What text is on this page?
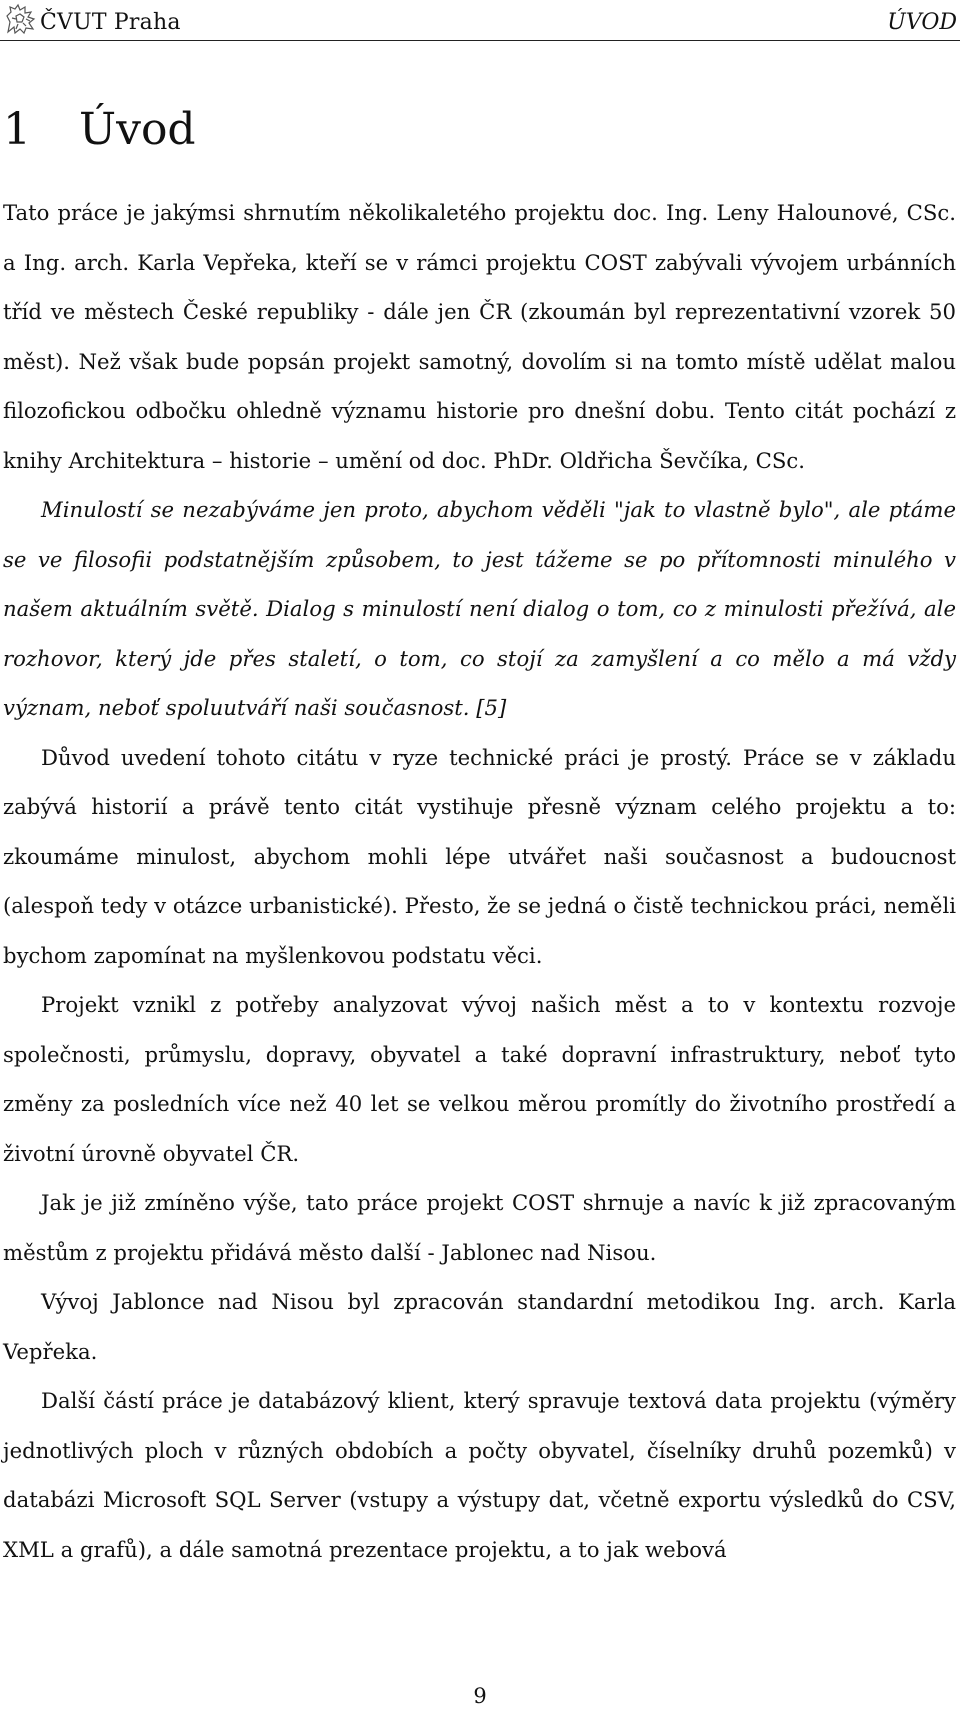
ČVUT Praha	ÚVOD
1 Úvod

Tato práce je jakýmsi shrnutím několikaletého projektu doc. Ing. Leny Halounové, CSc. a Ing. arch. Karla Vepřeka, kteří se v rámci projektu COST zabývali vývojem urbánních tříd ve městech České republiky - dále jen ČR (zkoumán byl reprezentativní vzorek 50 měst). Než však bude popsán projekt samotný, dovolím si na tomto místě udělat malou filozofickou odbočku ohledně významu historie pro dnešní dobu. Tento citát pochází z knihy Architektura – historie – umění od doc. PhDr. Oldřicha Ševčíka, CSc.

Minulostí se nezabýváme jen proto, abychom věděli "jak to vlastně bylo", ale ptáme se ve filosofii podstatnějším způsobem, to jest tážeme se po přítomnosti minulého v našem aktuálním světě. Dialog s minulostí není dialog o tom, co z minulosti přežívá, ale rozhovor, který jde přes staletí, o tom, co stojí za zamyšlení a co mělo a má vždy význam, neboť spoluutváří naši současnost. [5]

Důvod uvedení tohoto citátu v ryze technické práci je prostý. Práce se v základu zabývá historií a právě tento citát vystihuje přesně význam celého projektu a to: zkoumáme minulost, abychom mohli lépe utvářet naši současnost a budoucnost (alespoň tedy v otázce urbanistické). Přesto, že se jedná o čistě technickou práci, neměli bychom zapomínat na myšlenkovou podstatu věci.

Projekt vznikl z potřeby analyzovat vývoj našich měst a to v kontextu rozvoje společnosti, průmyslu, dopravy, obyvatel a také dopravní infrastruktury, neboť tyto změny za posledních více než 40 let se velkou měrou promítly do životního prostředí a životní úrovně obyvatel ČR.

Jak je již zmíněno výše, tato práce projekt COST shrnuje a navíc k již zpracovaným městům z projektu přidává město další - Jablonec nad Nisou.

Vývoj Jablonce nad Nisou byl zpracován standardní metodikou Ing. arch. Karla Vepřeka.

Další částí práce je databázový klient, který spravuje textová data projektu (výměry jednotlivých ploch v různých obdobích a počty obyvatel, číselníky druhů pozemků) v databázi Microsoft SQL Server (vstupy a výstupy dat, včetně exportu výsledků do CSV, XML a grafů), a dále samotná prezentace projektu, a to jak webová

9
